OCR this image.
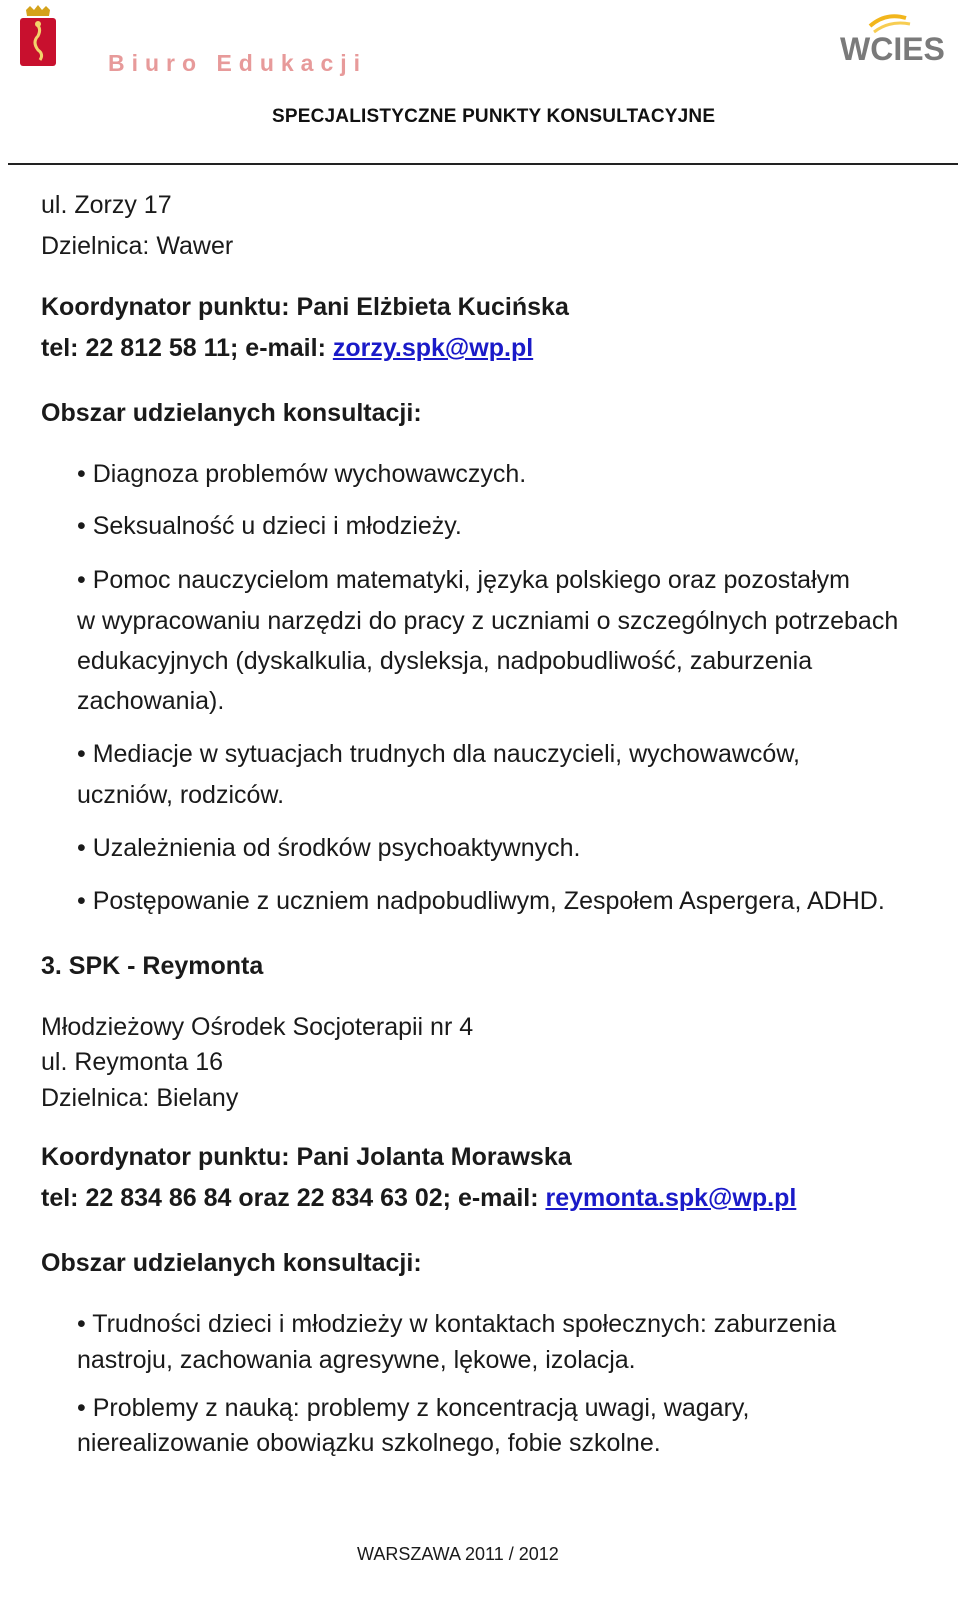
Biuro Edukacji	WCIES
SPECJALISTYCZNE PUNKTY KONSULTACYJNE
ul. Zorzy 17
Dzielnica: Wawer
Koordynator punktu: Pani Elżbieta Kucińska
tel: 22 812 58 11; e-mail: zorzy.spk@wp.pl
Obszar udzielanych konsultacji:
• Diagnoza problemów wychowawczych.
• Seksualność u dzieci i młodzieży.
• Pomoc nauczycielom matematyki, języka polskiego oraz pozostałym
w wypracowaniu narzędzi do pracy z uczniami o szczególnych potrzebach
edukacyjnych (dyskalkulia, dysleksja, nadpobudliwość, zaburzenia
zachowania).
• Mediacje w sytuacjach trudnych dla nauczycieli, wychowawców,
uczniów, rodziców.
• Uzależnienia od środków psychoaktywnych.
• Postępowanie z uczniem nadpobudliwym, Zespołem Aspergera, ADHD.
3. SPK - Reymonta
Młodzieżowy Ośrodek Socjoterapii nr 4
ul. Reymonta 16
Dzielnica: Bielany
Koordynator punktu: Pani Jolanta Morawska
tel: 22 834 86 84 oraz 22 834 63 02; e-mail: reymonta.spk@wp.pl
Obszar udzielanych konsultacji:
• Trudności dzieci i młodzieży w kontaktach społecznych: zaburzenia
nastroju, zachowania agresywne, lękowe, izolacja.
• Problemy z nauką: problemy z koncentracją uwagi, wagary,
nierealizowanie obowiązku szkolnego, fobie szkolne.
WARSZAWA 2011 / 2012
